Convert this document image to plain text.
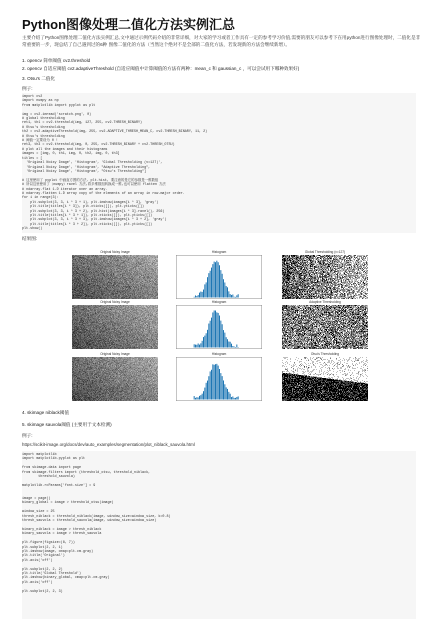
Python图像处理二值化方法实例汇总
主要介绍了Python图像处理二值化方法实例汇总,文中通过示例代码介绍的非常详细，对大家的学习或者工作具有一定的参考学习价值,需要的朋友可以参考下在用python进行图像处理时，二值化是非常重要的一步，现总结了自己遇到过的6种 图像二值化的方法（当然这个绝对不是全部的二值化方法，若发现新的方法会继续新增）。
1. opencv 简单阈值 cv2.threshold
2. opencv 自适应阈值 cv2.adaptiveThreshold (自适应阈值中计算阈值的方法有两种：mean_c 和 gaussian_c ，可以尝试用下哪种效果好)
3. Otsu's 二值化
例子:
import cv2
import numpy as np
from matplotlib import pyplot as plt

img = cv2.imread('scratch.png', 0)
# global thresholding
ret1, th1 = cv2.threshold(img, 127, 255, cv2.THRESH_BINARY)
# Otsu's thresholding
th2 = cv2.adaptiveThreshold(img, 255, cv2.ADAPTIVE_THRESH_MEAN_C, cv2.THRESH_BINARY, 11, 2)
# Otsu's thresholding
# 阈值一定要设为 0 !
ret3, th3 = cv2.threshold(img, 0, 255, cv2.THRESH_BINARY + cv2.THRESH_OTSU)
# plot all the images and their histograms
images = [img, 0, th1, img, 0, th2, img, 0, th3]
titles = [
'Original Noisy Image', 'Histogram', 'Global Thresholding (v=127)',
'Original Noisy Image', 'Histogram', "Adaptive Thresholding",
'Original Noisy Image', 'Histogram', "Otsu's Thresholding"]

# 这里使用了 pyplot 中画直方图的方法, plt.hist, 要注意的是它的参数是一维数组
# 所以这里使用了（numpy）ravel 方法,将多维数组转换成一维,也可以使用 flatten 方法
# ndarray.flat 1-D iterator over an array.
# ndarray.flatten 1-D array copy of the elements of an array in row-major order.
for i in range(3):
plt.subplot(3, 3, i * 3 + 1), plt.imshow(images[i * 3], 'gray')
plt.title(titles[i * 3]), plt.xticks([]), plt.yticks([])
plt.subplot(3, 3, i * 3 + 2), plt.hist(images[i * 3].ravel(), 256)
plt.title(titles[i * 3 + 1]), plt.xticks([]), plt.yticks([])
plt.subplot(3, 3, i * 3 + 3), plt.imshow(images[i * 3 + 2], 'gray')
plt.title(titles[i * 3 + 2]), plt.xticks([]), plt.yticks([])
plt.show()
结果图:
Original Noisy Image	Histogram	Global Thresholding (v=127)
Original Noisy Image	Histogram	Adaptive Thresholding
Original Noisy Image	Histogram	Otsu's Thresholding
4. skimage niblack阈值
5. skimage sauvola阈值 (主要用于文本检测)
例子:
https://scikit-image.org/docs/dev/auto_examples/segmentation/plot_niblack_sauvola.html
import matplotlib
import matplotlib.pyplot as plt

from skimage.data import page
from skimage.filters import (threshold_otsu, threshold_niblack,
threshold_sauvola)

matplotlib.rcParams['font.size'] = 9

image = page()
binary_global = image > threshold_otsu(image)

window_size = 25
thresh_niblack = threshold_niblack(image, window_size=window_size, k=0.8)
thresh_sauvola = threshold_sauvola(image, window_size=window_size)

binary_niblack = image > thresh_niblack
binary_sauvola = image > thresh_sauvola

plt.figure(figsize=(8, 7))
plt.subplot(2, 2, 1)
plt.imshow(image, cmap=plt.cm.gray)
plt.title('Original')
plt.axis('off')

plt.subplot(2, 2, 2)
plt.title('Global Threshold')
plt.imshow(binary_global, cmap=plt.cm.gray)
plt.axis('off')

plt.subplot(2, 2, 3)
